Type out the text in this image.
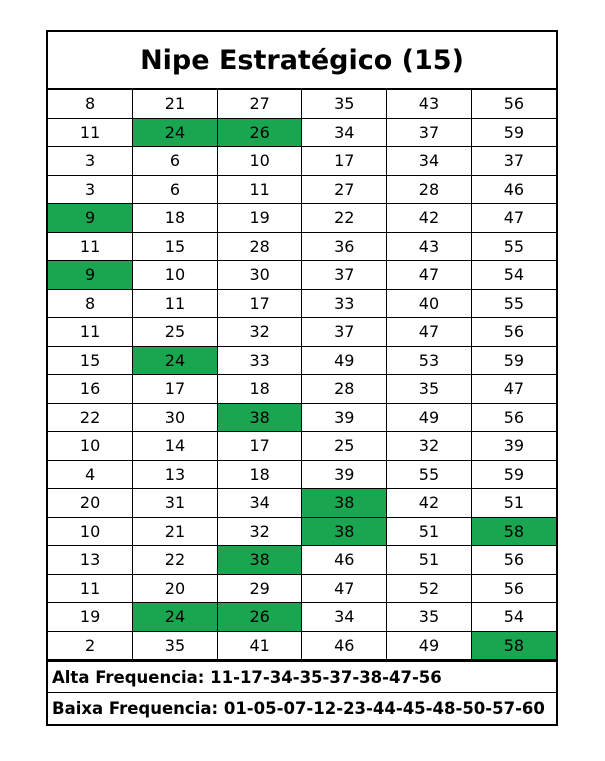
Nipe Estratégico (15)
8	21	27	35	43	56
11	24	26	34	37	59
3	6	10	17	34	37
3	6	11	27	28	46
9	18	19	22	42	47
11	15	28	36	43	55
9	10	30	37	47	54
8	11	17	33	40	55
11	25	32	37	47	56
15	24	33	49	53	59
16	17	18	28	35	47
22	30	38	39	49	56
10	14	17	25	32	39
4	13	18	39	55	59
20	31	34	38	42	51
10	21	32	38	51	58
13	22	38	46	51	56
11	20	29	47	52	56
19	24	26	34	35	54
2	35	41	46	49	58
Alta Frequencia: 11-17-34-35-37-38-47-56
Baixa Frequencia: 01-05-07-12-23-44-45-48-50-57-60
